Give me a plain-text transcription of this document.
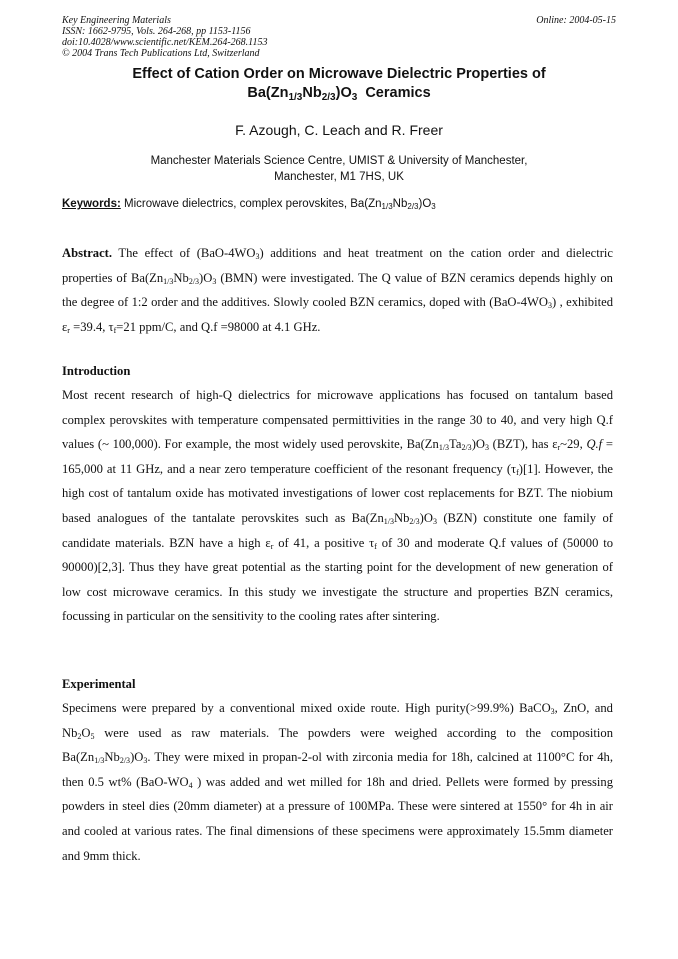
Key Engineering Materials
ISSN: 1662-9795, Vols. 264-268, pp 1153-1156
doi:10.4028/www.scientific.net/KEM.264-268.1153
© 2004 Trans Tech Publications Ltd, Switzerland
Online: 2004-05-15
Effect of Cation Order on Microwave Dielectric Properties of
$Ba(Zn_{1/3}Nb_{2/3})O_3$  Ceramics
F. Azough, C. Leach and R. Freer
Manchester Materials Science Centre, UMIST & University of Manchester,
Manchester, M1 7HS, UK
Keywords: Microwave dielectrics, complex perovskites, $Ba(Zn_{1/3}Nb_{2/3})O_3$
Abstract. The effect of $(BaO-4WO_3)$ additions and heat treatment on the cation order and dielectric properties of $Ba(Zn_{1/3}Nb_{2/3})O_3$ (BMN) were investigated. The Q value of BZN ceramics depends highly on the degree of 1:2 order and the additives. Slowly cooled BZN ceramics, doped with $(BaO-4WO_3)$ , exhibited $\varepsilon_r =39.4$, $\tau_f=21$ ppm/C, and Q.f =98000 at 4.1 GHz.
Introduction
Most recent research of high-Q dielectrics for microwave applications has focused on tantalum based complex perovskites with temperature compensated permittivities in the range 30 to 40, and very high Q.f values (~ 100,000). For example, the most widely used perovskite, $Ba(Zn_{1/3}Ta_{2/3})O_3$ (BZT), has $\varepsilon_r\sim 29$, Q.f = 165,000 at 11 GHz, and a near zero temperature coefficient of the resonant frequency $(\tau_f)[1]$. However, the high cost of tantalum oxide has motivated investigations of lower cost replacements for BZT. The niobium based analogues of the tantalate perovskites such as $Ba(Zn_{1/3}Nb_{2/3})O_3$ (BZN) constitute one family of candidate materials. BZN have a high $\varepsilon_r$ of 41, a positive $\tau_f$ of 30 and moderate Q.f values of (50000 to 90000)[2,3]. Thus they have great potential as the starting point for the development of new generation of low cost microwave ceramics. In this study we investigate the structure and properties BZN ceramics, focussing in particular on the sensitivity to the cooling rates after sintering.
Experimental
Specimens were prepared by a conventional mixed oxide route. High purity(>99.9%) BaCO$_3$, ZnO, and $Nb_2O_5$ were used as raw materials. The powders were weighed according to the composition $Ba(Zn_{1/3}Nb_{2/3})O_3$. They were mixed in propan-2-ol with zirconia media for 18h, calcined at 1100°C for 4h, then 0.5 wt% ($BaO-WO_4$ ) was added and wet milled for 18h and dried. Pellets were formed by pressing powders in steel dies (20mm diameter) at a pressure of 100MPa. These were sintered at 1550° for 4h in air and cooled at various rates. The final dimensions of these specimens were approximately 15.5mm diameter and 9mm thick.
